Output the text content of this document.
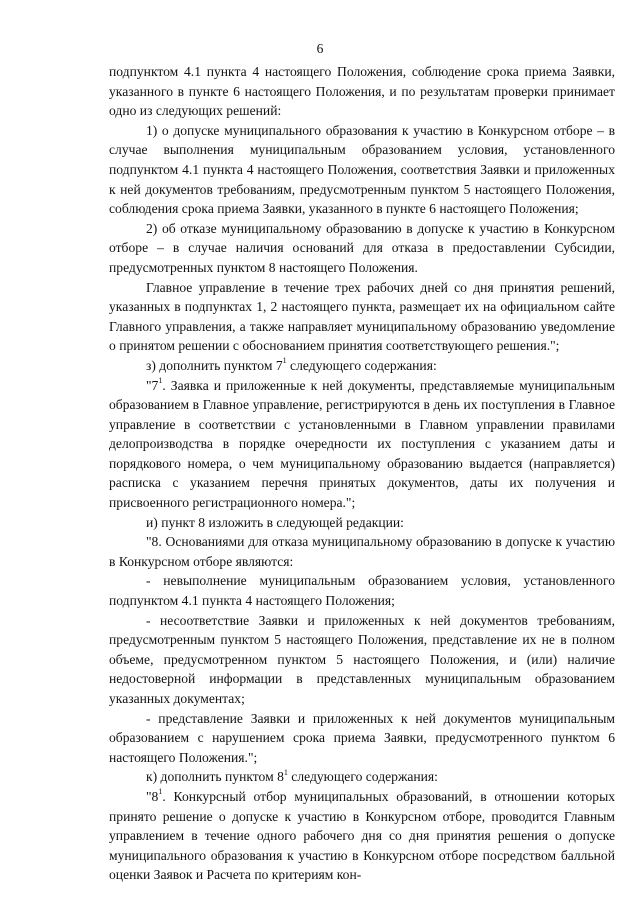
6

подпунктом 4.1 пункта 4 настоящего Положения, соблюдение срока приема Заявки, указанного в пункте 6 настоящего Положения, и по результатам проверки принимает одно из следующих решений:

1) о допуске муниципального образования к участию в Конкурсном отборе – в случае выполнения муниципальным образованием условия, установленного подпунктом 4.1 пункта 4 настоящего Положения, соответствия Заявки и приложенных к ней документов требованиям, предусмотренным пунктом 5 настоящего Положения, соблюдения срока приема Заявки, указанного в пункте 6 настоящего Положения;

2) об отказе муниципальному образованию в допуске к участию в Конкурсном отборе – в случае наличия оснований для отказа в предоставлении Субсидии, предусмотренных пунктом 8 настоящего Положения.

Главное управление в течение трех рабочих дней со дня принятия решений, указанных в подпунктах 1, 2 настоящего пункта, размещает их на официальном сайте Главного управления, а также направляет муниципальному образованию уведомление о принятом решении с обоснованием принятия соответствующего решения.";

з) дополнить пунктом $7^1$ следующего содержания:

"$7^1$. Заявка и приложенные к ней документы, представляемые муниципальным образованием в Главное управление, регистрируются в день их поступления в Главное управление в соответствии с установленными в Главном управлении правилами делопроизводства в порядке очередности их поступления с указанием даты и порядкового номера, о чем муниципальному образованию выдается (направляется) расписка с указанием перечня принятых документов, даты их получения и присвоенного регистрационного номера.";

и) пункт 8 изложить в следующей редакции:

"8. Основаниями для отказа муниципальному образованию в допуске к участию в Конкурсном отборе являются:

- невыполнение муниципальным образованием условия, установленного подпунктом 4.1 пункта 4 настоящего Положения;

- несоответствие Заявки и приложенных к ней документов требованиям, предусмотренным пунктом 5 настоящего Положения, представление их не в полном объеме, предусмотренном пунктом 5 настоящего Положения, и (или) наличие недостоверной информации в представленных муниципальным образованием указанных документах;

- представление Заявки и приложенных к ней документов муниципальным образованием с нарушением срока приема Заявки, предусмотренного пунктом 6 настоящего Положения.";

к) дополнить пунктом $8^1$ следующего содержания:

"$8^1$. Конкурсный отбор муниципальных образований, в отношении которых принято решение о допуске к участию в Конкурсном отборе, проводится Главным управлением в течение одного рабочего дня со дня принятия решения о допуске муниципального образования к участию в Конкурсном отборе посредством балльной оценки Заявок и Расчета по критериям кон-
